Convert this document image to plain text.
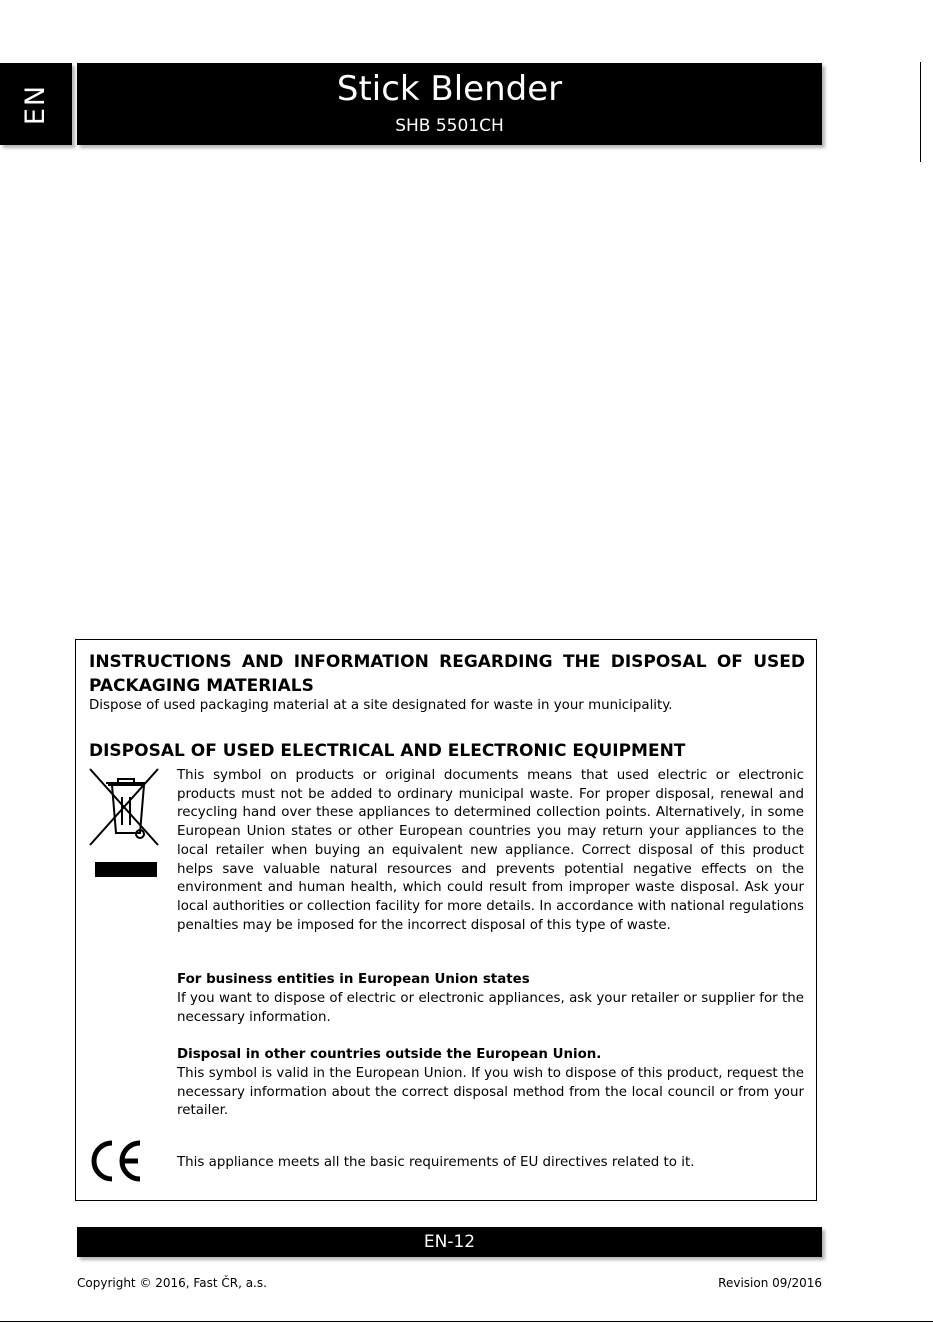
EN	Stick Blender
SHB 5501CH
INSTRUCTIONS AND INFORMATION REGARDING THE DISPOSAL OF USED
PACKAGING MATERIALS
Dispose of used packaging material at a site designated for waste in your municipality.
DISPOSAL OF USED ELECTRICAL AND ELECTRONIC EQUIPMENT
This symbol on products or original documents means that used electric or electronic products must not be added to ordinary municipal waste. For proper disposal, renewal and recycling hand over these appliances to determined collection points. Alternatively, in some European Union states or other European countries you may return your appliances to the local retailer when buying an equivalent new appliance. Correct disposal of this product helps save valuable natural resources and prevents potential negative effects on the environment and human health, which could result from improper waste disposal. Ask your local authorities or collection facility for more details. In accordance with national regulations penalties may be imposed for the incorrect disposal of this type of waste.
For business entities in European Union states
If you want to dispose of electric or electronic appliances, ask your retailer or supplier for the necessary information.
Disposal in other countries outside the European Union.
This symbol is valid in the European Union. If you wish to dispose of this product, request the necessary information about the correct disposal method from the local council or from your retailer.
This appliance meets all the basic requirements of EU directives related to it.
EN-12
Copyright © 2016, Fast ČR, a.s.	Revision 09/2016
